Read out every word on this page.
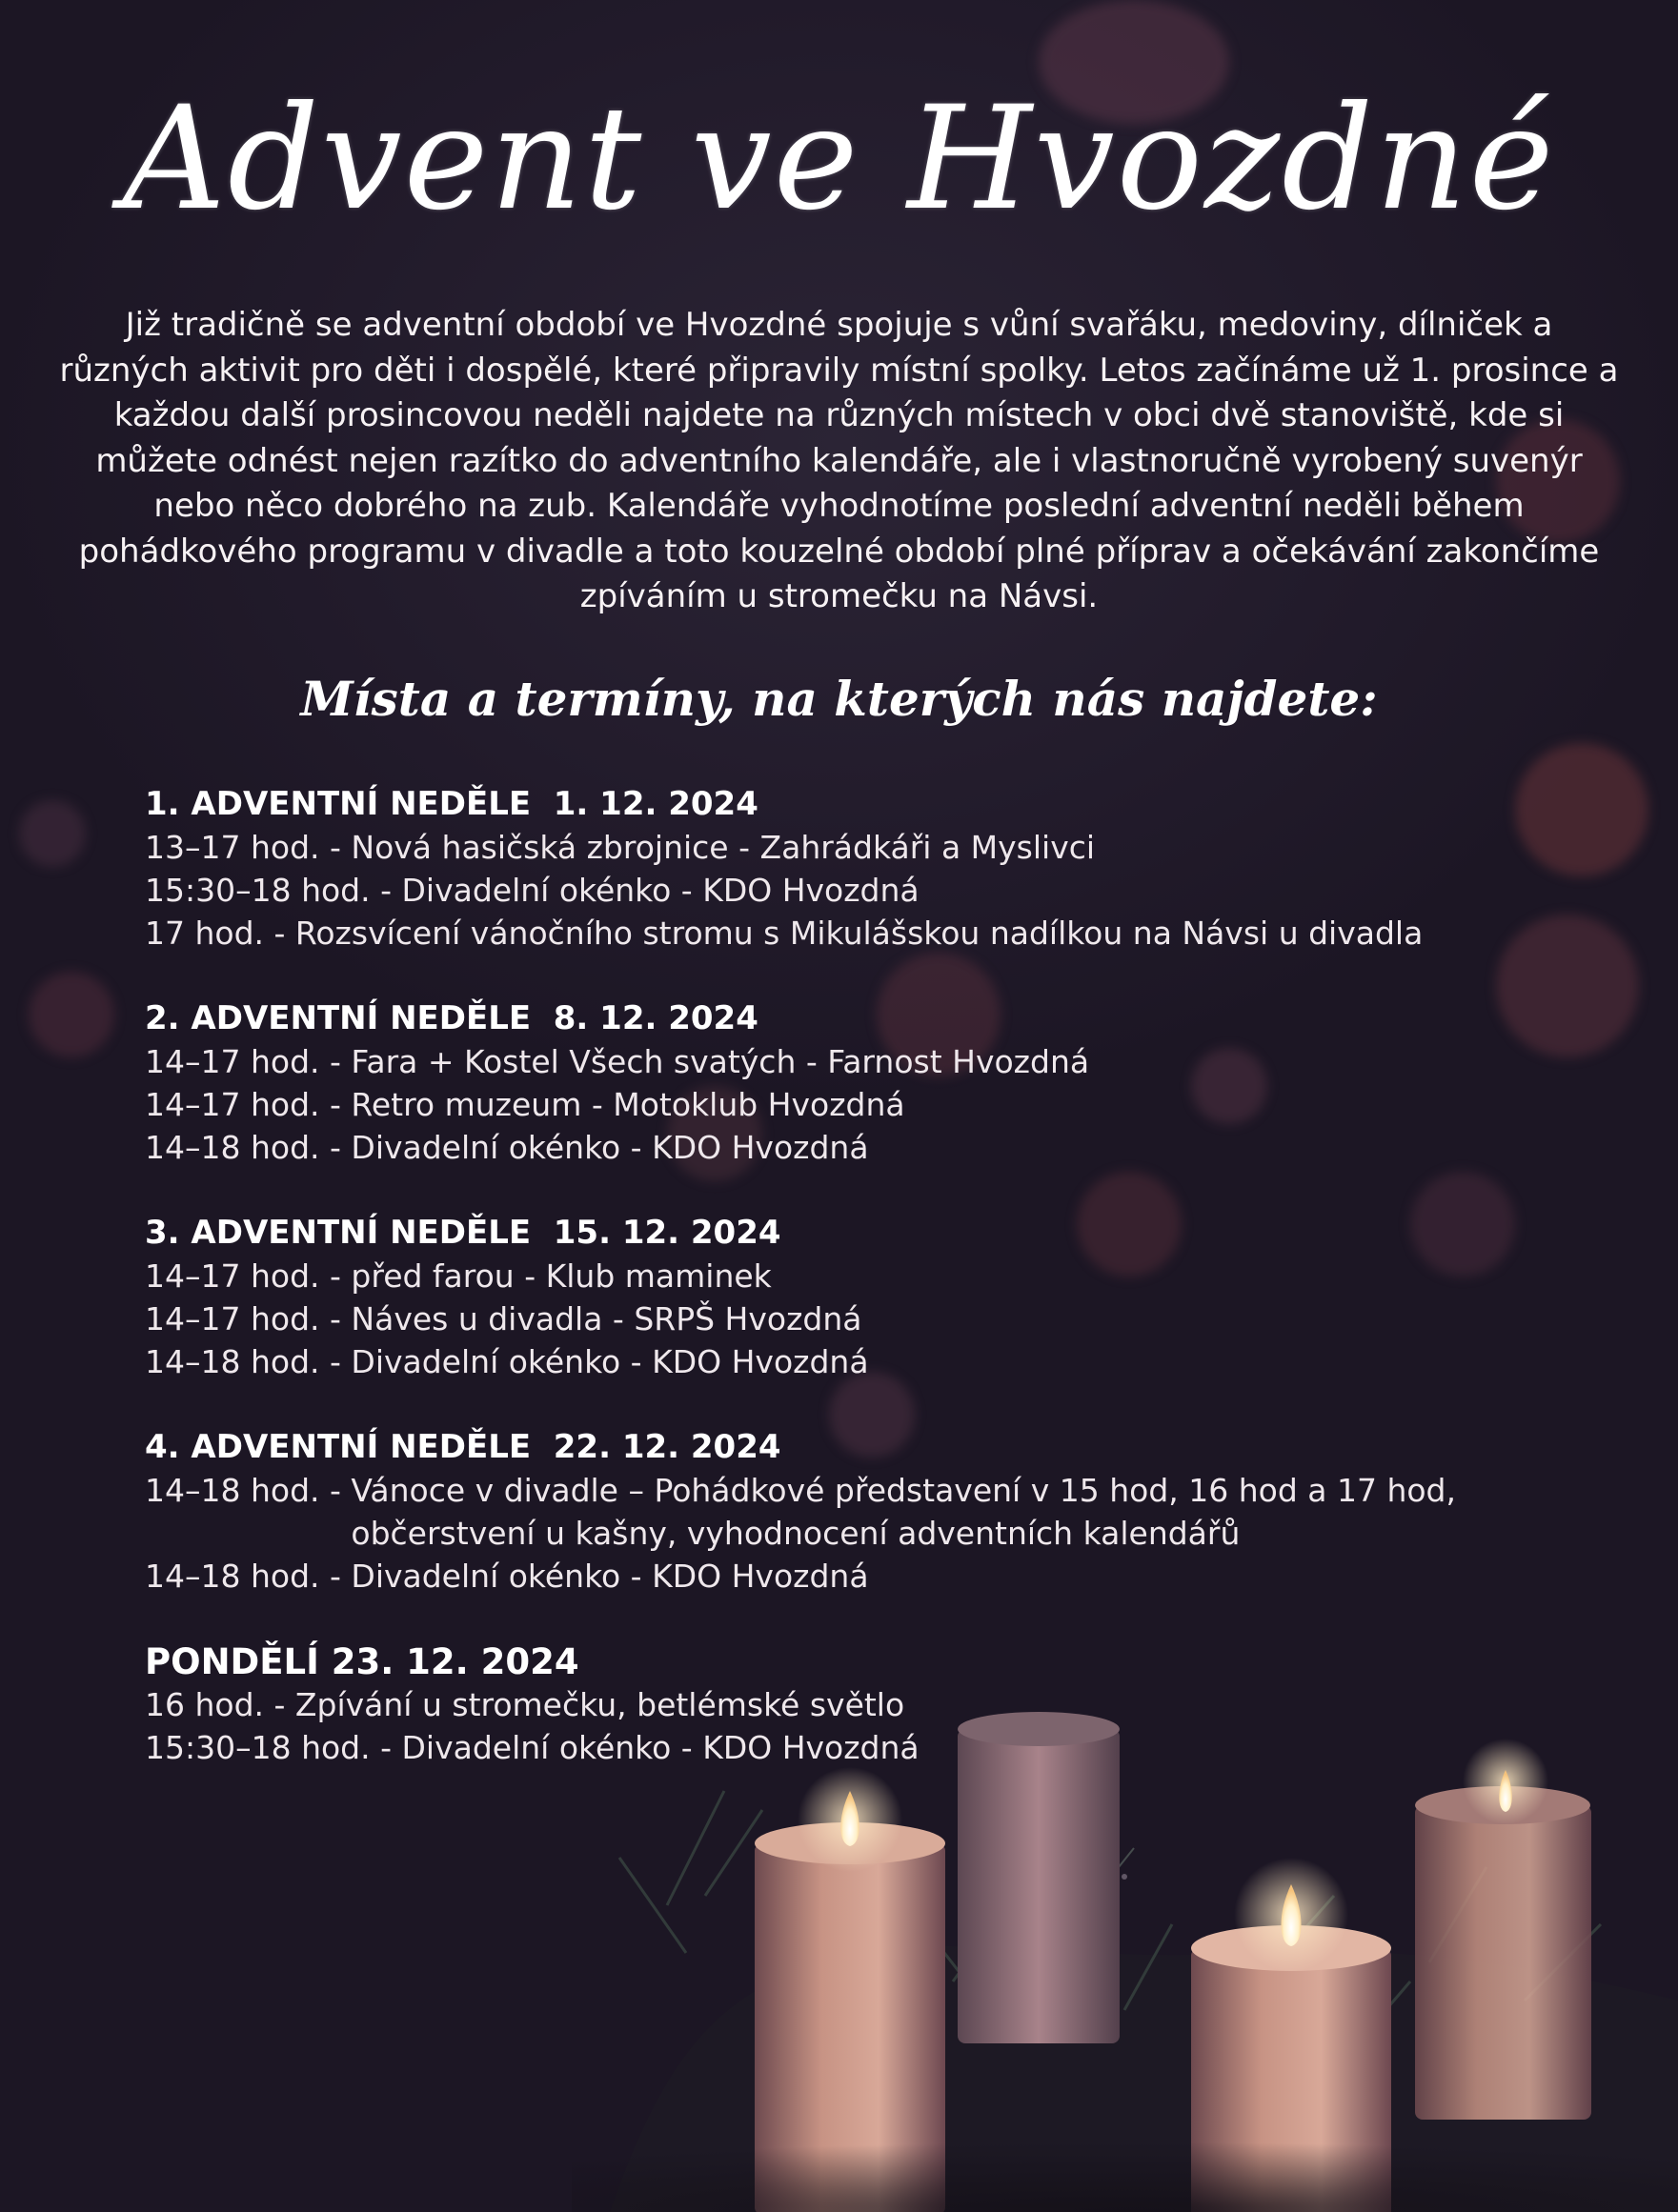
Advent ve Hvozdné

Již tradičně se adventní období ve Hvozdné spojuje s vůní svařáku, medoviny, dílniček a různých aktivit pro děti i dospělé, které připravily místní spolky. Letos začínáme už 1. prosince a každou další prosincovou neděli najdete na různých místech v obci dvě stanoviště, kde si můžete odnést nejen razítko do adventního kalendáře, ale i vlastnoručně vyrobený suvenýr nebo něco dobrého na zub. Kalendáře vyhodnotíme poslední adventní neděli během pohádkového programu v divadle a toto kouzelné období plné příprav a očekávání zakončíme zpíváním u stromečku na Návsi.

Místa a termíny, na kterých nás najdete:
1. ADVENTNÍ NEDĚLE  1. 12. 2024
13–17 hod. - Nová hasičská zbrojnice - Zahrádkáři a Myslivci
15:30–18 hod. - Divadelní okénko - KDO Hvozdná
17 hod. - Rozsvícení vánočního stromu s Mikulášskou nadílkou na Návsi u divadla
2. ADVENTNÍ NEDĚLE  8. 12. 2024
14–17 hod. - Fara + Kostel Všech svatých - Farnost Hvozdná
14–17 hod. - Retro muzeum - Motoklub Hvozdná
14–18 hod. - Divadelní okénko - KDO Hvozdná
3. ADVENTNÍ NEDĚLE  15. 12. 2024
14–17 hod. - před farou - Klub maminek
14–17 hod. - Náves u divadla - SRPŠ Hvozdná
14–18 hod. - Divadelní okénko - KDO Hvozdná
4. ADVENTNÍ NEDĚLE  22. 12. 2024
14–18 hod. - Vánoce v divadle – Pohádkové představení v 15 hod, 16 hod a 17 hod,
občerstvení u kašny, vyhodnocení adventních kalendářů
14–18 hod. - Divadelní okénko - KDO Hvozdná
PONDĚLÍ 23. 12. 2024
16 hod. - Zpívání u stromečku, betlémské světlo
15:30–18 hod. - Divadelní okénko - KDO Hvozdná
